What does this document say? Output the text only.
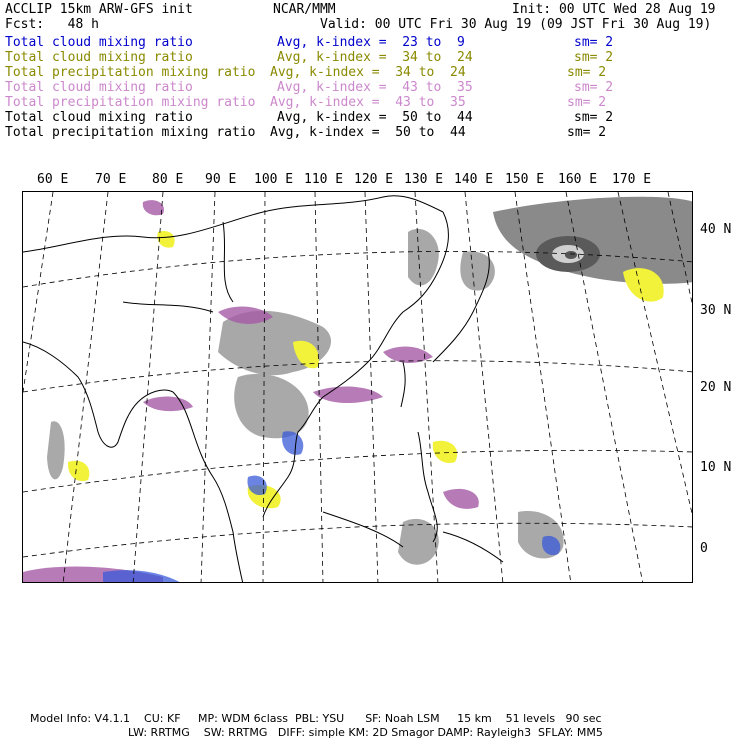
ACCLIP 15km ARW-GFS init	NCAR/MMM	Init: 00 UTC Wed 28 Aug 19
Fcst:   48 h	Valid: 00 UTC Fri 30 Aug 19 (09 JST Fri 30 Aug 19)

Total cloud mixing ratio

	Avg, k-index =  23 to  9

	sm= 2

Total cloud mixing ratio

	Avg, k-index =  34 to  24

	sm= 2

Total precipitation mixing ratio

Avg, k-index =  34 to  24

	sm= 2

Total cloud mixing ratio

	Avg, k-index =  43 to  35

	sm= 2

Total precipitation mixing ratio

Avg, k-index =  43 to  35

	sm= 2

Total cloud mixing ratio

	Avg, k-index =  50 to  44

	sm= 2

Total precipitation mixing ratio

Avg, k-index =  50 to  44

	sm= 2

60 E 70 E 80 E 90 E 100 E 110 E 120 E 130 E 140 E 150 E 160 E 170 E
40 N
30 N
20 N
10 N
0
Model Info: V4.1.1    CU: KF     MP: WDM 6class  PBL: YSU      SF: Noah LSM     15 km    51 levels   90 sec
LW: RRTMG    SW: RRTMG   DIFF: simple KM: 2D Smagor DAMP: Rayleigh3  SFLAY: MM5
